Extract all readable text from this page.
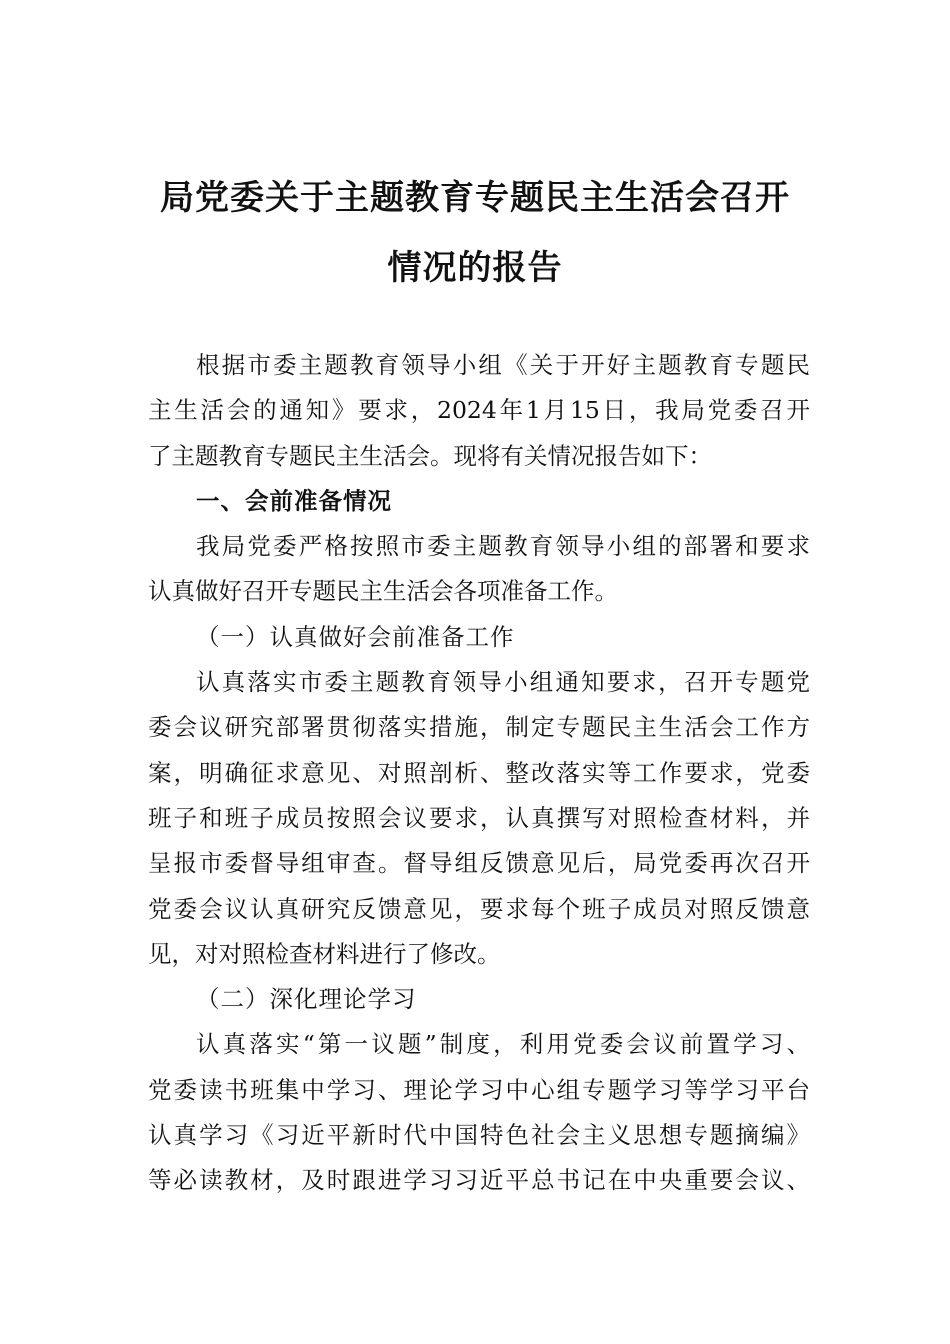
局党委关于主题教育专题民主生活会召开
情况的报告
根据市委主题教育领导小组《关于开好主题教育专题民
主生活会的通知》要求，2024年1月15日，我局党委召开
了主题教育专题民主生活会。现将有关情况报告如下：
一、会前准备情况
我局党委严格按照市委主题教育领导小组的部署和要求
认真做好召开专题民主生活会各项准备工作。
（一）认真做好会前准备工作
认真落实市委主题教育领导小组通知要求，召开专题党
委会议研究部署贯彻落实措施，制定专题民主生活会工作方
案，明确征求意见、对照剖析、整改落实等工作要求，党委
班子和班子成员按照会议要求，认真撰写对照检查材料，并
呈报市委督导组审查。督导组反馈意见后，局党委再次召开
党委会议认真研究反馈意见，要求每个班子成员对照反馈意
见，对对照检查材料进行了修改。
（二）深化理论学习
认真落实“第一议题”制度，利用党委会议前置学习、
党委读书班集中学习、理论学习中心组专题学习等学习平台
认真学习《习近平新时代中国特色社会主义思想专题摘编》
等必读教材，及时跟进学习习近平总书记在中央重要会议、
